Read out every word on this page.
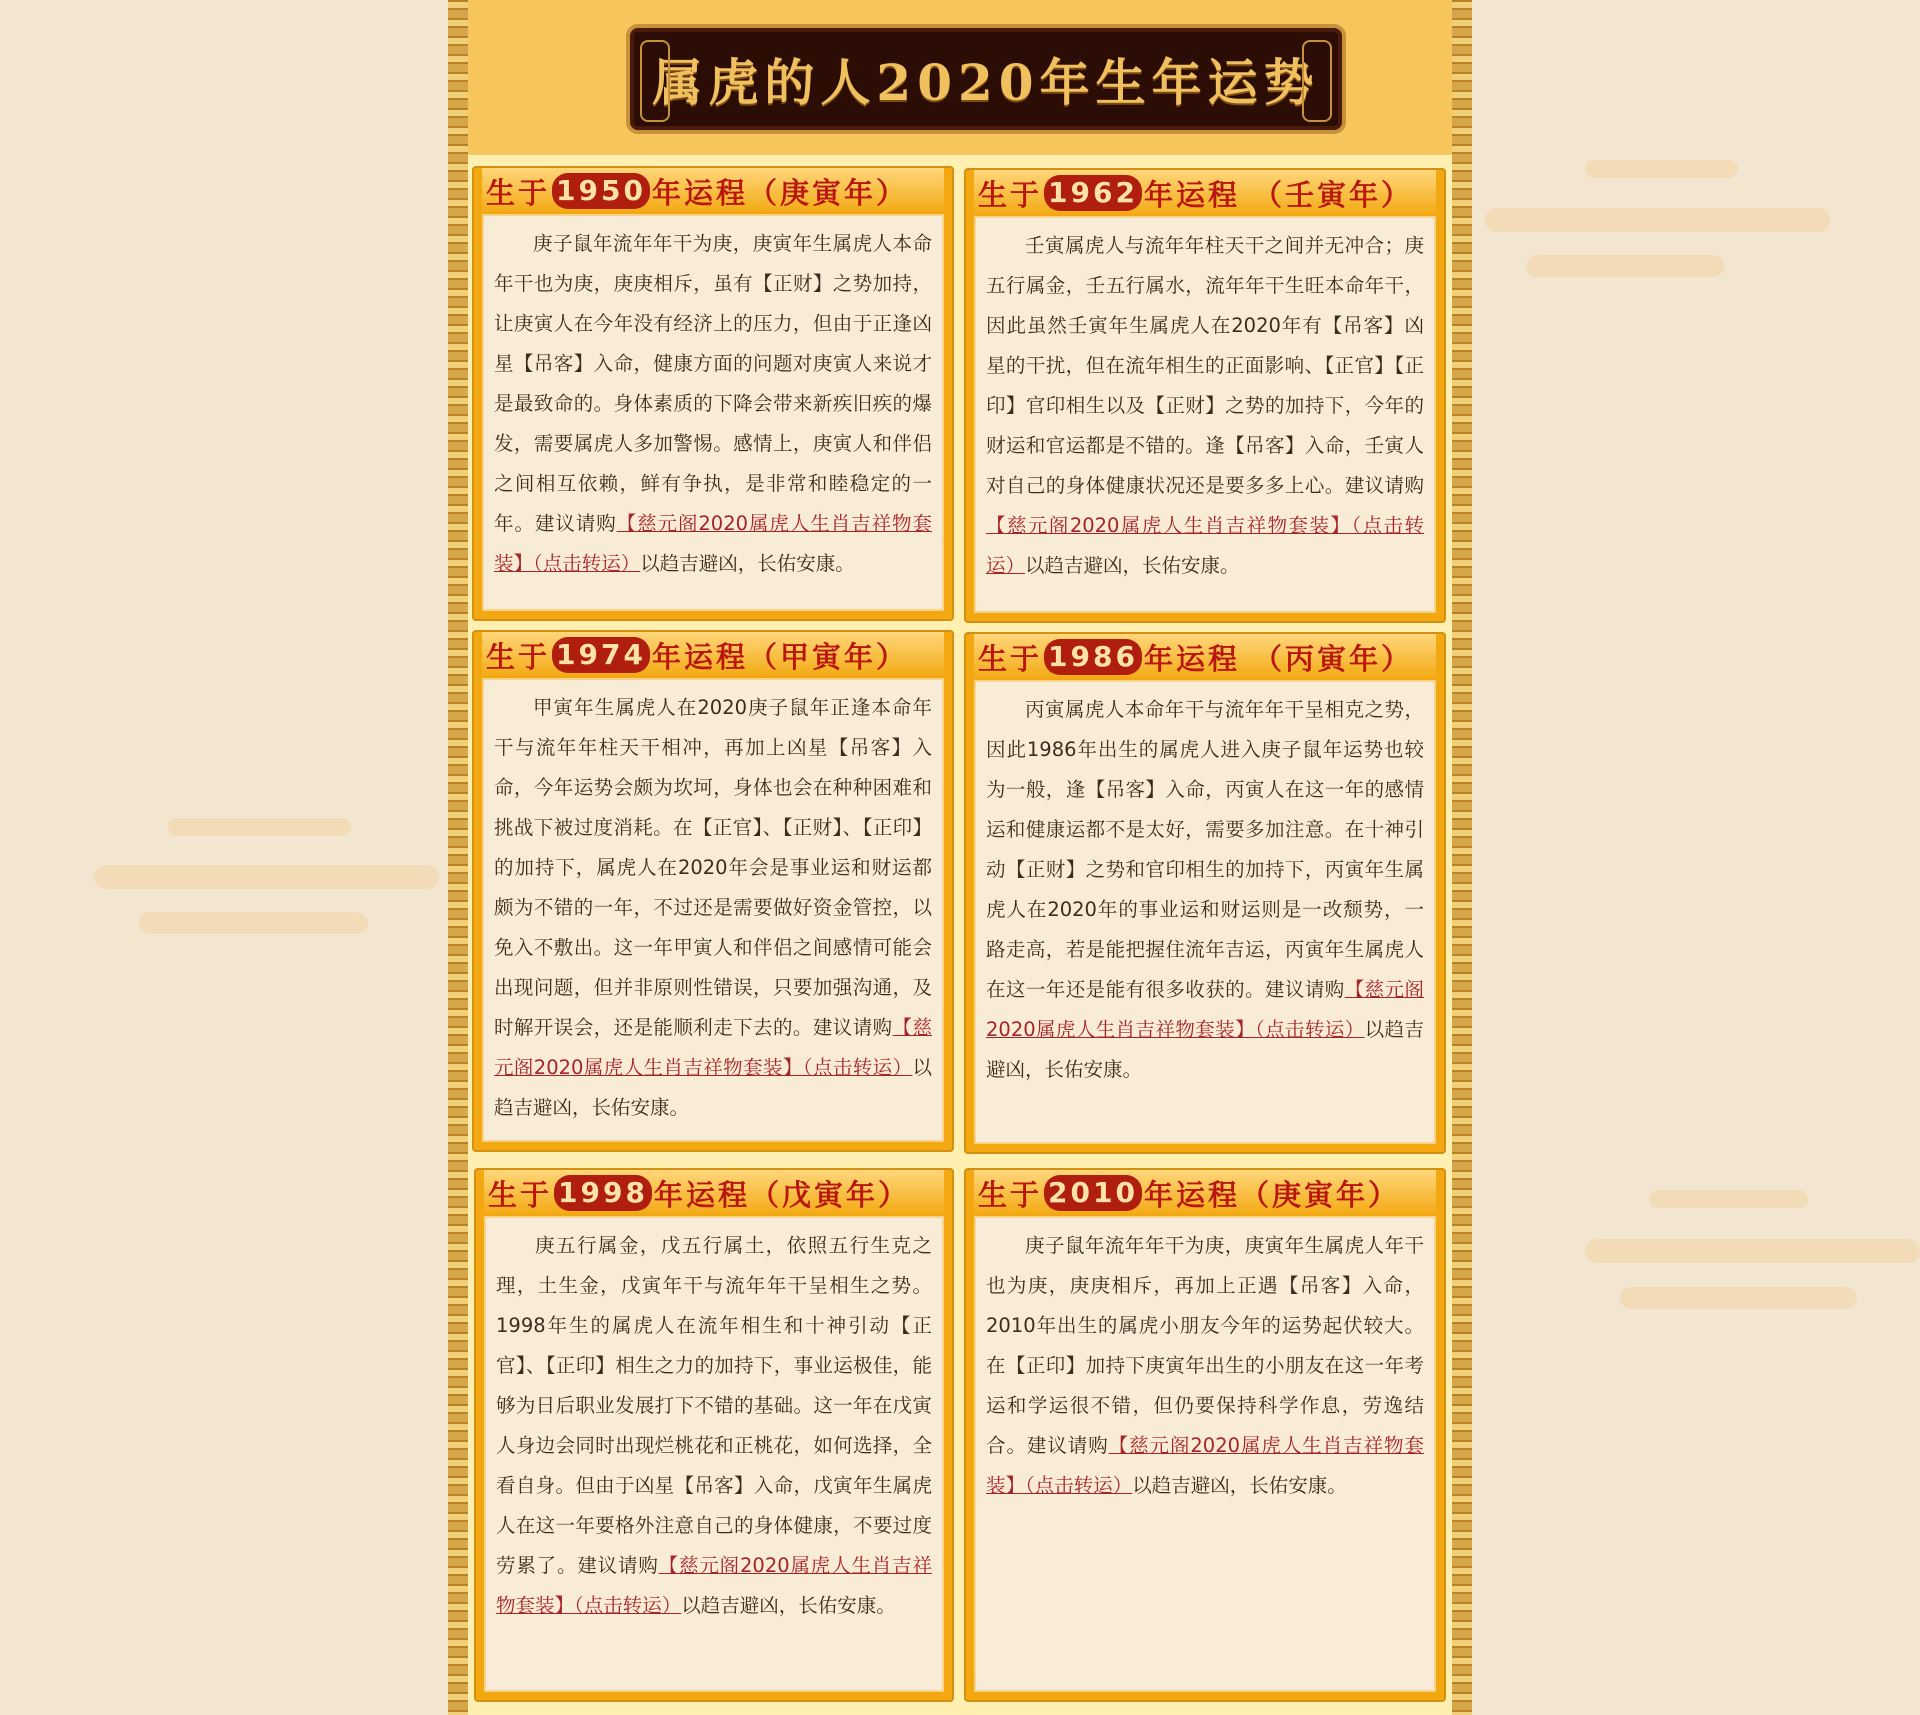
属虎的人2020年生年运势
生于 1950 年运程（庚寅年）

庚子鼠年流年年干为庚，庚寅年生属虎人本命年干也为庚，庚庚相斥，虽有【正财】之势加持，让庚寅人在今年没有经济上的压力，但由于正逢凶星【吊客】入命，健康方面的问题对庚寅人来说才是最致命的。身体素质的下降会带来新疾旧疾的爆发，需要属虎人多加警惕。感情上，庚寅人和伴侣之间相互依赖，鲜有争执，是非常和睦稳定的一年。建议请购【慈元阁2020属虎人生肖吉祥物套装】（点击转运）以趋吉避凶，长佑安康。

生于 1962 年运程 （壬寅年）

壬寅属虎人与流年年柱天干之间并无冲合；庚五行属金，壬五行属水，流年年干生旺本命年干，因此虽然壬寅年生属虎人在2020年有【吊客】凶星的干扰，但在流年相生的正面影响、【正官】【正印】官印相生以及【正财】之势的加持下，今年的财运和官运都是不错的。逢【吊客】入命，壬寅人对自己的身体健康状况还是要多多上心。建议请购【慈元阁2020属虎人生肖吉祥物套装】（点击转运）以趋吉避凶，长佑安康。

生于 1974 年运程（甲寅年）

甲寅年生属虎人在2020庚子鼠年正逢本命年干与流年年柱天干相冲，再加上凶星【吊客】入命，今年运势会颇为坎坷，身体也会在种种困难和挑战下被过度消耗。在【正官】、【正财】、【正印】的加持下，属虎人在2020年会是事业运和财运都颇为不错的一年，不过还是需要做好资金管控，以免入不敷出。这一年甲寅人和伴侣之间感情可能会出现问题，但并非原则性错误，只要加强沟通，及时解开误会，还是能顺利走下去的。建议请购【慈元阁2020属虎人生肖吉祥物套装】（点击转运）以趋吉避凶，长佑安康。

生于 1986 年运程 （丙寅年）

丙寅属虎人本命年干与流年年干呈相克之势，因此1986年出生的属虎人进入庚子鼠年运势也较为一般，逢【吊客】入命，丙寅人在这一年的感情运和健康运都不是太好，需要多加注意。在十神引动【正财】之势和官印相生的加持下，丙寅年生属虎人在2020年的事业运和财运则是一改颓势，一路走高，若是能把握住流年吉运，丙寅年生属虎人在这一年还是能有很多收获的。建议请购【慈元阁2020属虎人生肖吉祥物套装】（点击转运）以趋吉避凶，长佑安康。

生于 1998 年运程（戊寅年）

庚五行属金，戊五行属土，依照五行生克之理，土生金，戊寅年干与流年年干呈相生之势。1998年生的属虎人在流年相生和十神引动【正官】、【正印】相生之力的加持下，事业运极佳，能够为日后职业发展打下不错的基础。这一年在戊寅人身边会同时出现烂桃花和正桃花，如何选择，全看自身。但由于凶星【吊客】入命，戊寅年生属虎人在这一年要格外注意自己的身体健康，不要过度劳累了。建议请购【慈元阁2020属虎人生肖吉祥物套装】（点击转运）以趋吉避凶，长佑安康。

生于 2010 年运程（庚寅年）

庚子鼠年流年年干为庚，庚寅年生属虎人年干也为庚，庚庚相斥，再加上正遇【吊客】入命，2010年出生的属虎小朋友今年的运势起伏较大。在【正印】加持下庚寅年出生的小朋友在这一年考运和学运很不错，但仍要保持科学作息，劳逸结合。建议请购【慈元阁2020属虎人生肖吉祥物套装】（点击转运）以趋吉避凶，长佑安康。
